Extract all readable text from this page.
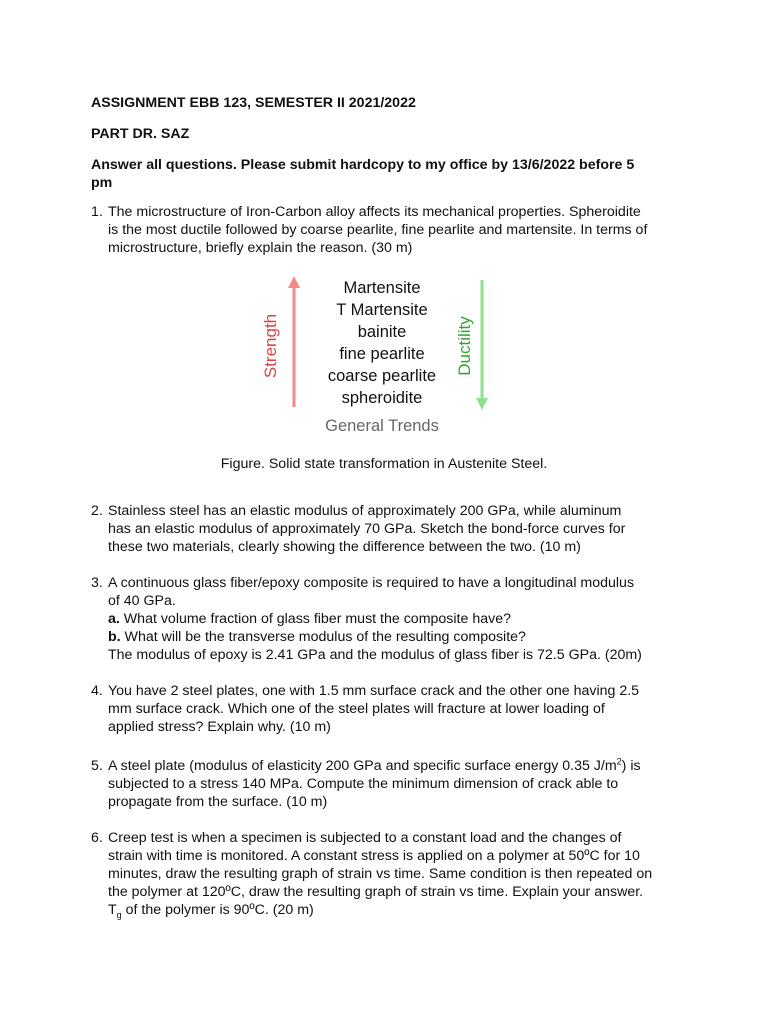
ASSIGNMENT EBB 123, SEMESTER II 2021/2022
PART DR. SAZ
Answer all questions. Please submit hardcopy to my office by 13/6/2022 before 5
pm
1. The microstructure of Iron-Carbon alloy affects its mechanical properties. Spheroidite

is the most ductile followed by coarse pearlite, fine pearlite and martensite. In terms of

microstructure, briefly explain the reason. (30 m)

Strength	Ductility
Martensite
T Martensite
bainite
fine pearlite
coarse pearlite
spheroidite
General Trends
Figure. Solid state transformation in Austenite Steel.
2. Stainless steel has an elastic modulus of approximately 200 GPa, while aluminum

has an elastic modulus of approximately 70 GPa. Sketch the bond-force curves for

these two materials, clearly showing the difference between the two. (10 m)

3. A continuous glass fiber/epoxy composite is required to have a longitudinal modulus

of 40 GPa.

a. What volume fraction of glass fiber must the composite have?

b. What will be the transverse modulus of the resulting composite?

The modulus of epoxy is 2.41 GPa and the modulus of glass fiber is 72.5 GPa. (20m)

4. You have 2 steel plates, one with 1.5 mm surface crack and the other one having 2.5

mm surface crack. Which one of the steel plates will fracture at lower loading of

applied stress? Explain why. (10 m)

5. A steel plate (modulus of elasticity 200 GPa and specific surface energy 0.35 $J/m^2$) is

subjected to a stress 140 MPa. Compute the minimum dimension of crack able to

propagate from the surface. (10 m)

6. Creep test is when a specimen is subjected to a constant load and the changes of

strain with time is monitored. A constant stress is applied on a polymer at 50ºC for 10

minutes, draw the resulting graph of strain vs time. Same condition is then repeated on

the polymer at 120ºC, draw the resulting graph of strain vs time. Explain your answer.

$T_g$ of the polymer is 90ºC. (20 m)
